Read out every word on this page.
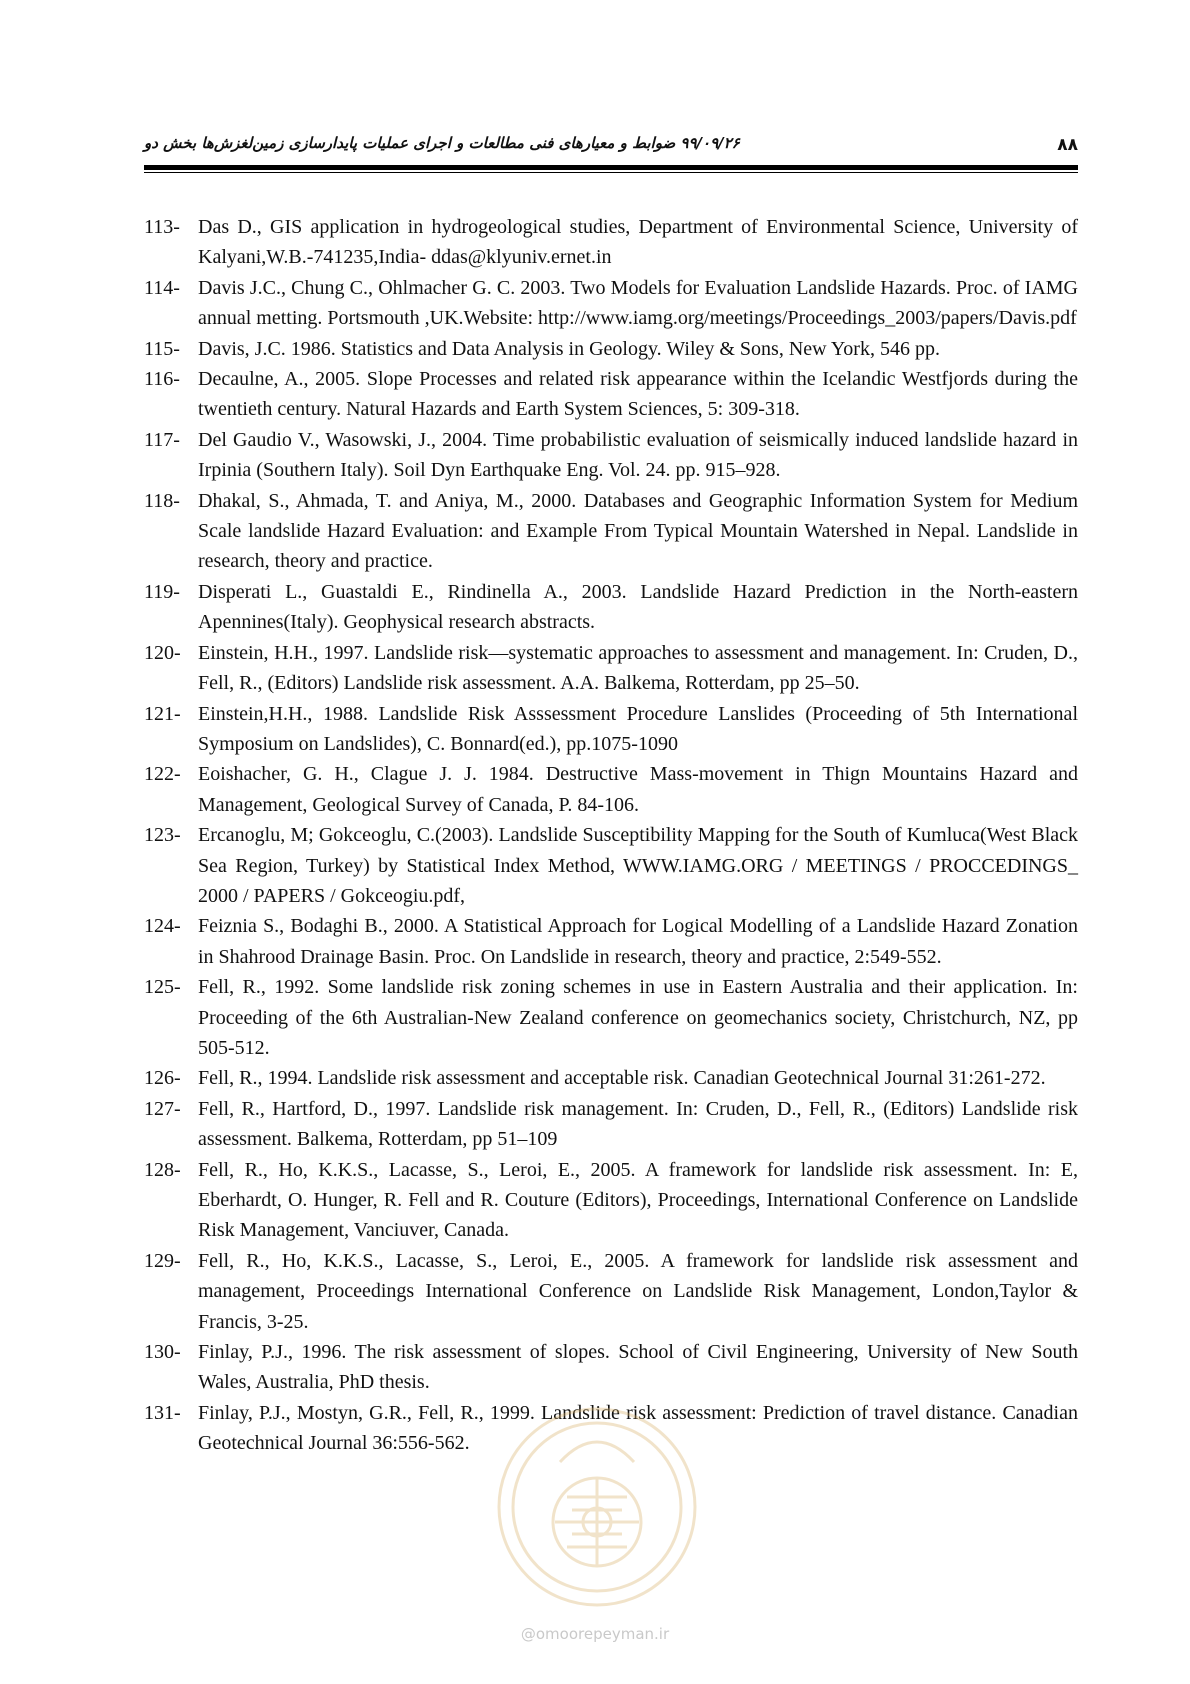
۸۸
۹۹/۰۹/۲۶ ضوابط و معیارهای فنی مطالعات و اجرای عملیات پایدارسازی زمین‌لغزش‌ها بخش دو
113- Das D., GIS application in hydrogeological studies, Department of Environmental Science, University of Kalyani,W.B.-741235,India- ddas@klyuniv.ernet.in
114- Davis J.C., Chung C., Ohlmacher G. C. 2003. Two Models for Evaluation Landslide Hazards. Proc. of IAMG annual metting. Portsmouth ,UK.Website: http://www.iamg.org/meetings/Proceedings_2003/papers/Davis.pdf
115- Davis, J.C. 1986. Statistics and Data Analysis in Geology. Wiley & Sons, New York, 546 pp.
116- Decaulne, A., 2005. Slope Processes and related risk appearance within the Icelandic Westfjords during the twentieth century. Natural Hazards and Earth System Sciences, 5: 309-318.
117- Del Gaudio V., Wasowski, J., 2004. Time probabilistic evaluation of seismically induced landslide hazard in Irpinia (Southern Italy). Soil Dyn Earthquake Eng. Vol. 24. pp. 915–928.
118- Dhakal, S., Ahmada, T. and Aniya, M., 2000. Databases and Geographic Information System for Medium Scale landslide Hazard Evaluation: and Example From Typical Mountain Watershed in Nepal. Landslide in research, theory and practice.
119- Disperati L., Guastaldi E., Rindinella A., 2003. Landslide Hazard Prediction in the North-eastern Apennines(Italy). Geophysical research abstracts.
120- Einstein, H.H., 1997. Landslide risk—systematic approaches to assessment and management. In: Cruden, D., Fell, R., (Editors) Landslide risk assessment. A.A. Balkema, Rotterdam, pp 25–50.
121- Einstein,H.H., 1988. Landslide Risk Asssessment Procedure Lanslides (Proceeding of 5th International Symposium on Landslides), C. Bonnard(ed.), pp.1075-1090
122- Eoishacher, G. H., Clague J. J. 1984. Destructive Mass-movement in Thign Mountains Hazard and Management, Geological Survey of Canada, P. 84-106.
123- Ercanoglu, M; Gokceoglu, C.(2003). Landslide Susceptibility Mapping for the South of Kumluca(West Black Sea Region, Turkey) by Statistical Index Method, WWW.IAMG.ORG / MEETINGS / PROCCEDINGS_ 2000 / PAPERS / Gokceogiu.pdf,
124- Feiznia S., Bodaghi B., 2000. A Statistical Approach for Logical Modelling of a Landslide Hazard Zonation in Shahrood Drainage Basin. Proc. On Landslide in research, theory and practice, 2:549-552.
125- Fell, R., 1992. Some landslide risk zoning schemes in use in Eastern Australia and their application. In: Proceeding of the 6th Australian-New Zealand conference on geomechanics society, Christchurch, NZ, pp 505-512.
126- Fell, R., 1994. Landslide risk assessment and acceptable risk. Canadian Geotechnical Journal 31:261-272.
127- Fell, R., Hartford, D., 1997. Landslide risk management. In: Cruden, D., Fell, R., (Editors) Landslide risk assessment. Balkema, Rotterdam, pp 51–109
128- Fell, R., Ho, K.K.S., Lacasse, S., Leroi, E., 2005. A framework for landslide risk assessment. In: E, Eberhardt, O. Hunger, R. Fell and R. Couture (Editors), Proceedings, International Conference on Landslide Risk Management, Vanciuver, Canada.
129- Fell, R., Ho, K.K.S., Lacasse, S., Leroi, E., 2005. A framework for landslide risk assessment and management, Proceedings International Conference on Landslide Risk Management, London,Taylor & Francis, 3-25.
130- Finlay, P.J., 1996. The risk assessment of slopes. School of Civil Engineering, University of New South Wales, Australia, PhD thesis.
131- Finlay, P.J., Mostyn, G.R., Fell, R., 1999. Landslide risk assessment: Prediction of travel distance. Canadian Geotechnical Journal 36:556-562.
@omoorepeyman.ir
